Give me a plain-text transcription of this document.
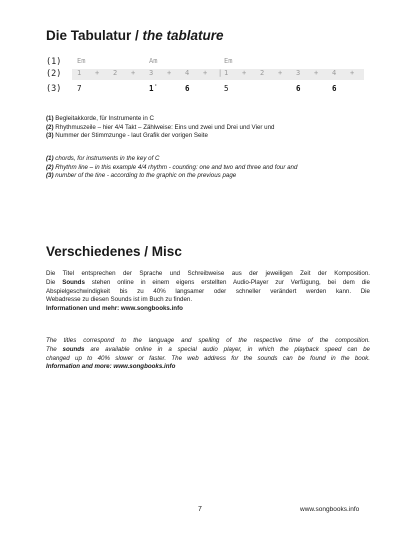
Die Tabulatur / the tablature
(1) Em	Am	Em
(2) 1 + 2 + 3 + 4 + | 1 + 2 + 3 + 4 +
(3) 7	1̇	6	5	6	6
(1) Begleitakkorde, für Instrumente in C
(2) Rhythmuszeile – hier 4/4 Takt – Zählweise: Eins und zwei und Drei und Vier und
(3) Nummer der Stimmzunge - laut Grafik der vorigen Seite
(1) chords, for instruments in the key of C
(2) Rhythm line – in this example 4/4 rhythm - counting: one and two and three and four and
(3) number of the tine - according to the graphic on the previous page
Verschiedenes / Misc
Die Titel entsprechen der Sprache und Schreibweise aus der jeweiligen Zeit der Komposition.
Die Sounds stehen online in einem eigens erstellten Audio-Player zur Verfügung, bei dem die
Abspielgeschwindigkeit bis zu 40% langsamer oder schneller verändert werden kann. Die
Webadresse zu diesen Sounds ist im Buch zu finden.
Informationen und mehr: www.songbooks.info
The titles correspond to the language and spelling of the respective time of the composition.
The sounds are available online in a special audio player, in which the playback speed can be
changed up to 40% slower or faster. The web address for the sounds can be found in the book.
Information and more: www.songbooks.info
7	www.songbooks.info
